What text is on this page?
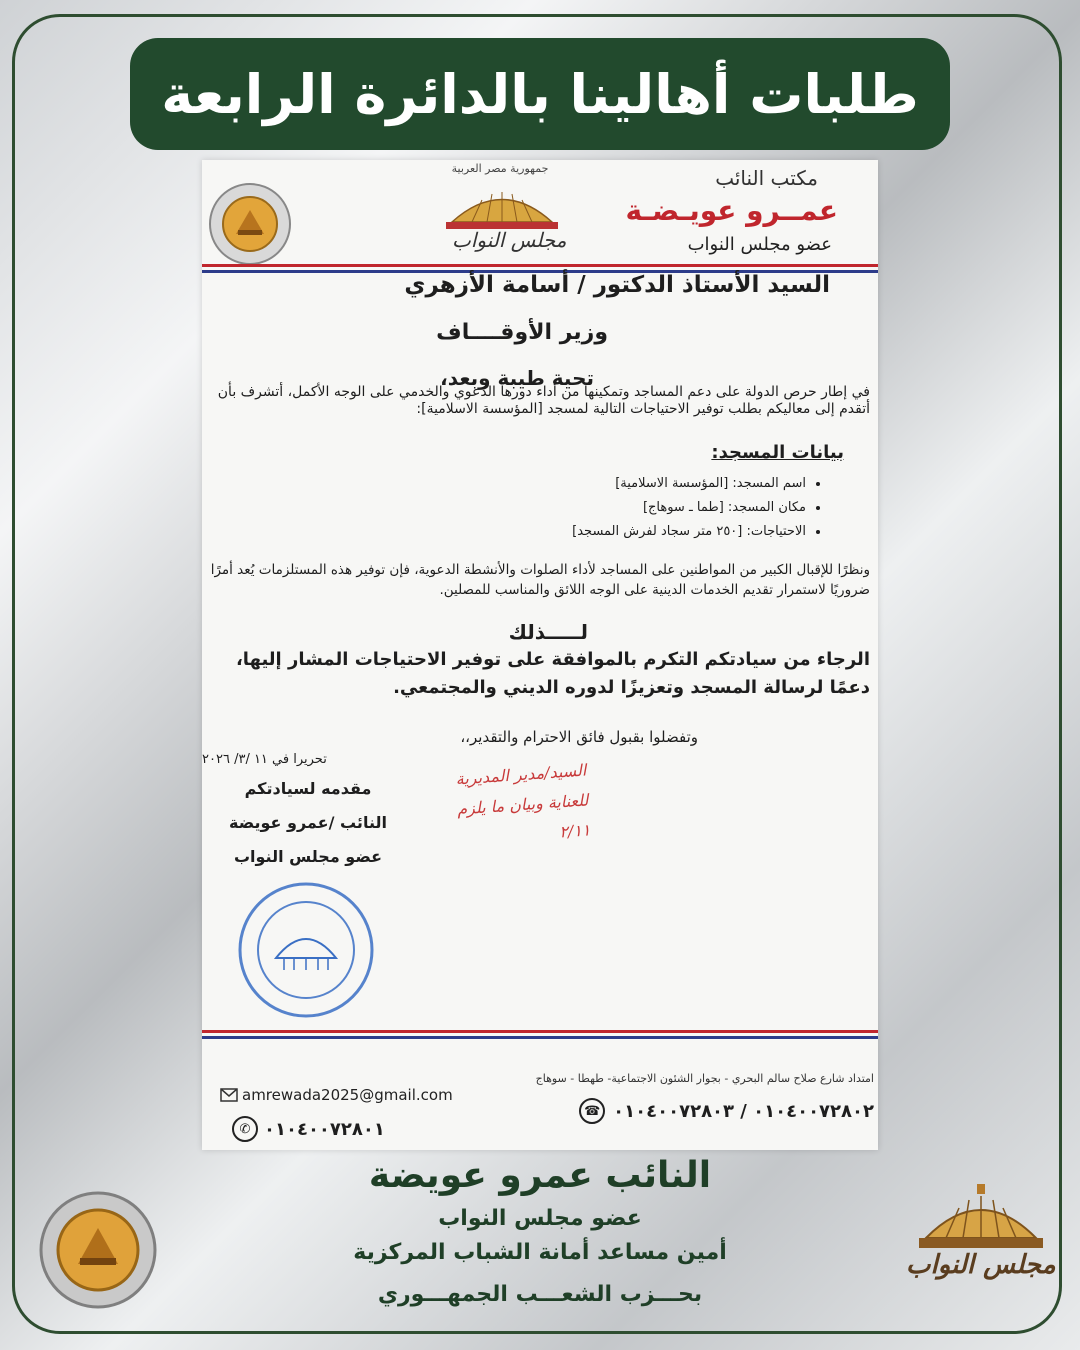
طلبات أهالينا بالدائرة الرابعة
مكتب النائب
عمــرو عويـضـة
عضو مجلس النواب
جمهورية مصر العربية
مجلس النواب
السيد الأستاذ الدكتور / أسامة الأزهري
وزير الأوقــــاف
تحية طيبة وبعد،
في إطار حرص الدولة على دعم المساجد وتمكينها من أداء دورها الدعوي والخدمي على الوجه الأكمل، أتشرف بأن أتقدم إلى معاليكم بطلب توفير الاحتياجات التالية لمسجد [المؤسسة الاسلامية]:
بيانات المسجد:
• اسم المسجد: [المؤسسة الاسلامية]
• مكان المسجد: [طما ـ سوهاج]
• الاحتياجات: [٢٥٠ متر سجاد لفرش المسجد]
ونظرًا للإقبال الكبير من المواطنين على المساجد لأداء الصلوات والأنشطة الدعوية، فإن توفير هذه المستلزمات يُعد أمرًا ضروريًا لاستمرار تقديم الخدمات الدينية على الوجه اللائق والمناسب للمصلين.
لـــــذلك
الرجاء من سيادتكم التكرم بالموافقة على توفير الاحتياجات المشار إليها، دعمًا لرسالة المسجد وتعزيزًا لدوره الديني والمجتمعي.
وتفضلوا بقبول فائق الاحترام والتقدير،،
تحريرا في ١١ /٣/ ٢٠٢٦
مقدمه لسيادتكم
النائب /عمرو عويضة
عضو مجلس النواب
السيد/مدير المديرية
للعناية وبيان ما يلزم
٢/١١
امتداد شارع صلاح سالم البحري - بجوار الشئون الاجتماعية- طهطا - سوهاج
amrewada2025@gmail.com
٠١٠٤٠٠٧٢٨٠٢ / ٠١٠٤٠٠٧٢٨٠٣
☎
✆ ٠١٠٤٠٠٧٢٨٠١
مجلس النواب
النائب عمرو عويضة
عضو مجلس النواب
أمين مساعد أمانة الشباب المركزية
بحـــزب الشعـــب الجمهـــوري
